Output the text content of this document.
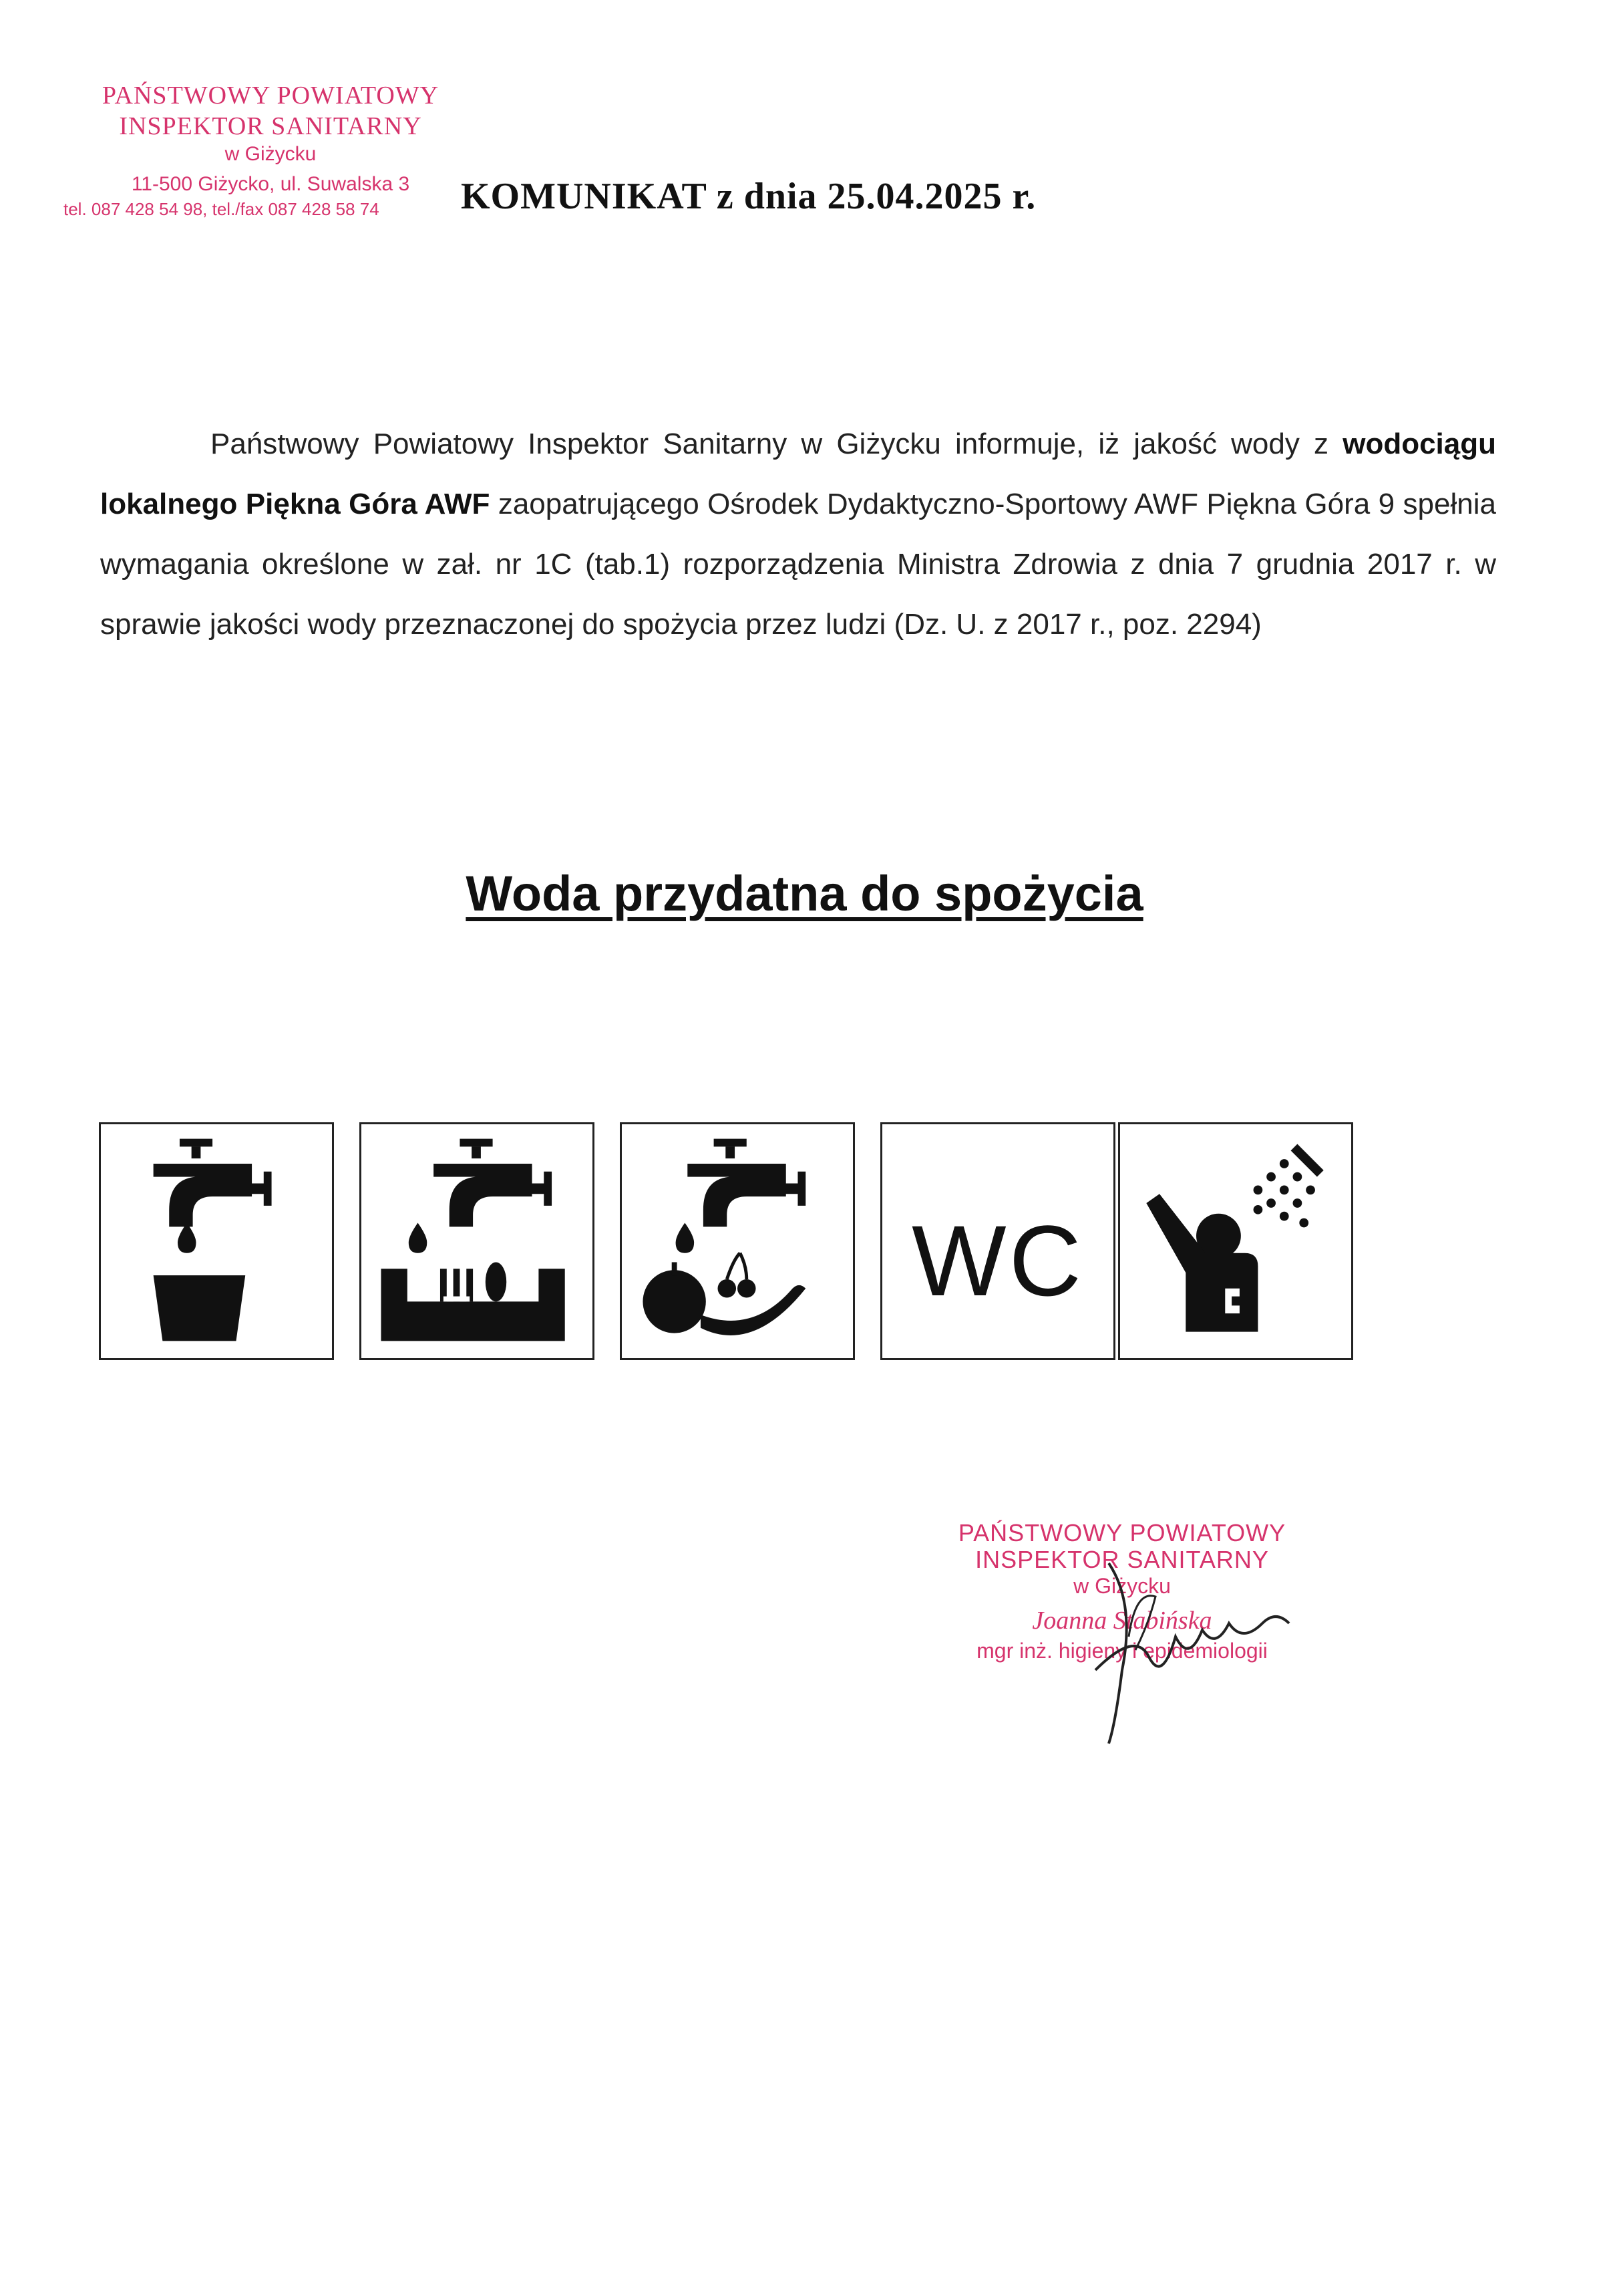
PAŃSTWOWY POWIATOWY
INSPEKTOR SANITARNY
w Giżycku
11-500 Giżycko, ul. Suwalska 3
tel. 087 428 54 98, tel./fax 087 428 58 74	KOMUNIKAT z dnia 25.04.2025 r.

Państwowy Powiatowy Inspektor Sanitarny w Giżycku informuje, iż jakość wody z wodociągu lokalnego Piękna Góra AWF zaopatrującego Ośrodek Dydaktyczno-Sportowy AWF Piękna Góra 9 spełnia wymagania określone w zał. nr 1C (tab.1) rozporządzenia Ministra Zdrowia z dnia 7 grudnia 2017 r. w sprawie jakości wody przeznaczonej do spożycia przez ludzi (Dz. U. z 2017 r., poz. 2294)

Woda przydatna do spożycia
WC
PAŃSTWOWY POWIATOWY
INSPEKTOR SANITARNY
w Giżycku
Joanna Stabińska
mgr inż. higieny i epidemiologii
